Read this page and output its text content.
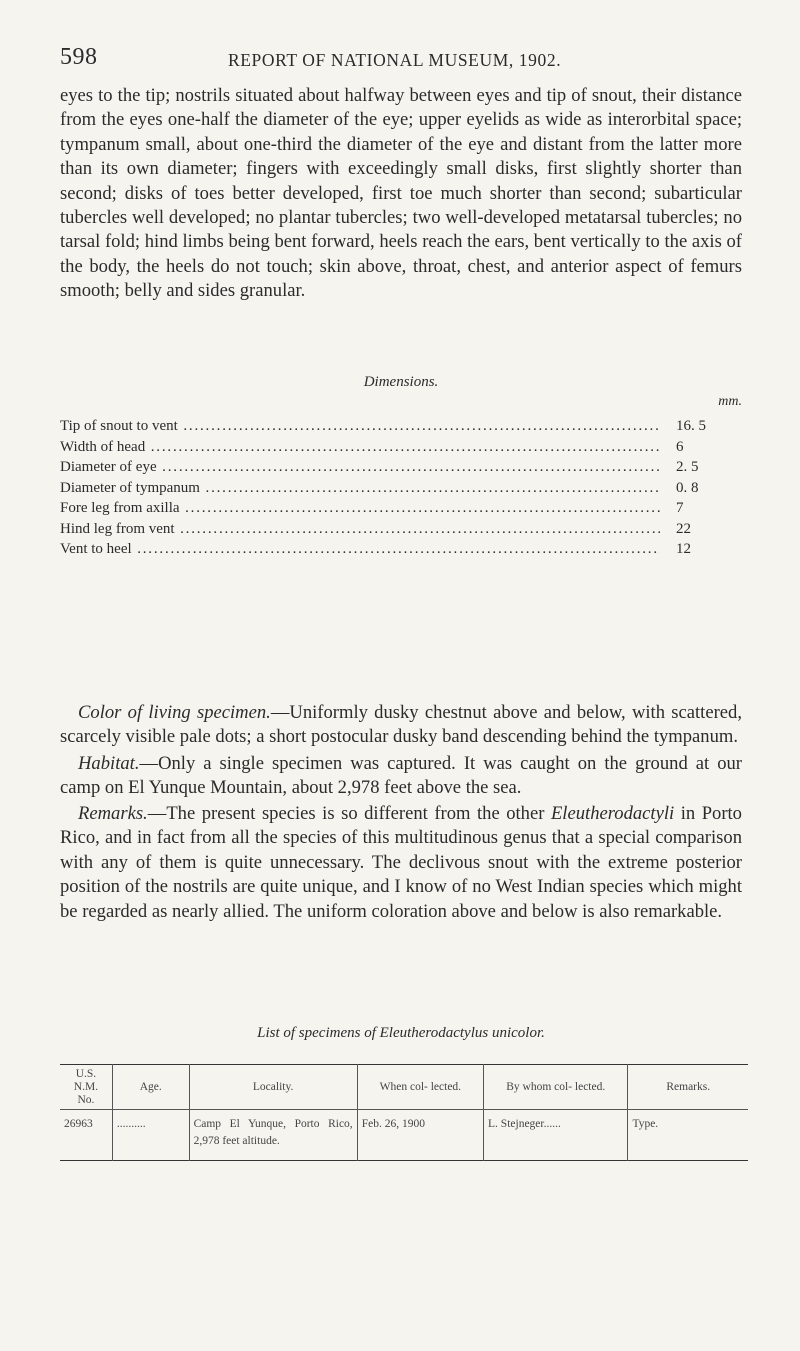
598	REPORT OF NATIONAL MUSEUM, 1902.

eyes to the tip; nostrils situated about halfway between eyes and tip of snout, their distance from the eyes one-half the diameter of the eye; upper eyelids as wide as interorbital space; tympanum small, about one-third the diameter of the eye and distant from the latter more than its own diameter; fingers with exceedingly small disks, first slightly shorter than second; disks of toes better developed, first toe much shorter than second; subarticular tubercles well developed; no plantar tubercles; two well-developed metatarsal tubercles; no tarsal fold; hind limbs being bent forward, heels reach the ears, bent vertically to the axis of the body, the heels do not touch; skin above, throat, chest, and anterior aspect of femurs smooth; belly and sides granular.

Dimensions.
mm.
Tip of snout to vent .....	16. 5
Width of head .....	6
Diameter of eye .....	2. 5
Diameter of tympanum .....	0. 8
Fore leg from axilla .....	7
Hind leg from vent .....	22
Vent to heel .....	12

Color of living specimen.—Uniformly dusky chestnut above and below, with scattered, scarcely visible pale dots; a short postocular dusky band descending behind the tympanum.

Habitat.—Only a single specimen was captured. It was caught on the ground at our camp on El Yunque Mountain, about 2,978 feet above the sea.

Remarks.—The present species is so different from the other Eleutherodactyli in Porto Rico, and in fact from all the species of this multitudinous genus that a special comparison with any of them is quite unnecessary. The declivous snout with the extreme posterior position of the nostrils are quite unique, and I know of no West Indian species which might be regarded as nearly allied. The uniform coloration above and below is also remarkable.

List of specimens of Eleutherodactylus unicolor.
U.S. N.M. No.	Age.	Locality.	When col- lected.	By whom col- lected.	Remarks.
26963	..........	Camp El Yunque, Porto Rico, 2,978 feet altitude.	Feb. 26, 1900	L. Stejneger......	Type.
